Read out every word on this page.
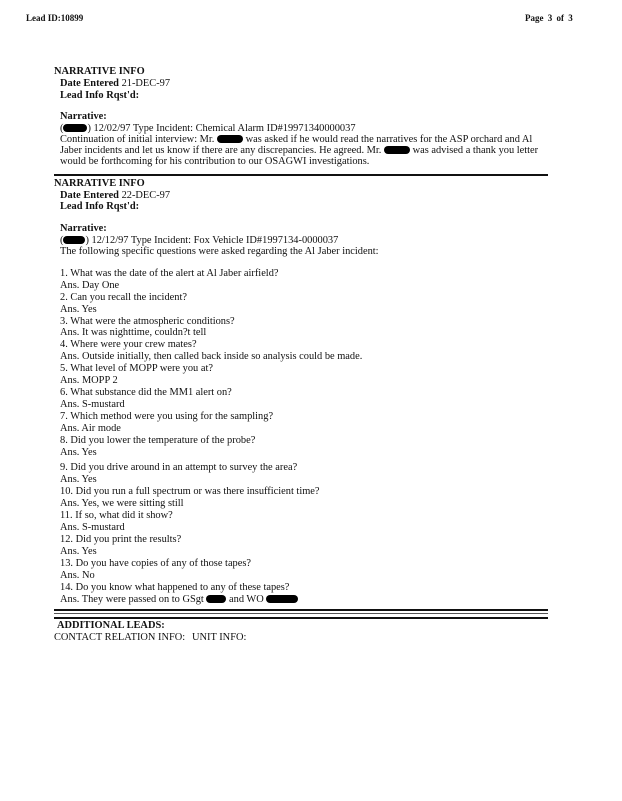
Lead ID:10899	Page 3 of 3
NARRATIVE INFO
Date Entered 21-DEC-97
Lead Info Rqst'd:
Narrative:
( ) 12/02/97 Type Incident: Chemical Alarm ID#19971340000037
Continuation of initial interview: Mr.	was asked if he would read the narratives for the ASP orchard and Al
Jaber incidents and let us know if there are any discrepancies. He agreed. Mr.	was advised a thank you letter
would be forthcoming for his contribution to our OSAGWI investigations.
NARRATIVE INFO
Date Entered 22-DEC-97
Lead Info Rqst'd:
Narrative:
( ) 12/12/97 Type Incident: Fox Vehicle ID#1997134-0000037
The following specific questions were asked regarding the Al Jaber incident:
1. What was the date of the alert at Al Jaber airfield?
Ans. Day One
2. Can you recall the incident?
Ans. Yes
3. What were the atmospheric conditions?
Ans. It was nighttime, couldn?t tell
4. Where were your crew mates?
Ans. Outside initially, then called back inside so analysis could be made.
5. What level of MOPP were you at?
Ans. MOPP 2
6. What substance did the MM1 alert on?
Ans. S-mustard
7. Which method were you using for the sampling?
Ans. Air mode
8. Did you lower the temperature of the probe?
Ans. Yes
9. Did you drive around in an attempt to survey the area?
Ans. Yes
10. Did you run a full spectrum or was there insufficient time?
Ans. Yes, we were sitting still
11. If so, what did it show?
Ans. S-mustard
12. Did you print the results?
Ans. Yes
13. Do you have copies of any of those tapes?
Ans. No
14. Do you know what happened to any of these tapes?
Ans. They were passed on to GSgt  and WO
ADDITIONAL LEADS:
CONTACT RELATION INFO: UNIT INFO:
